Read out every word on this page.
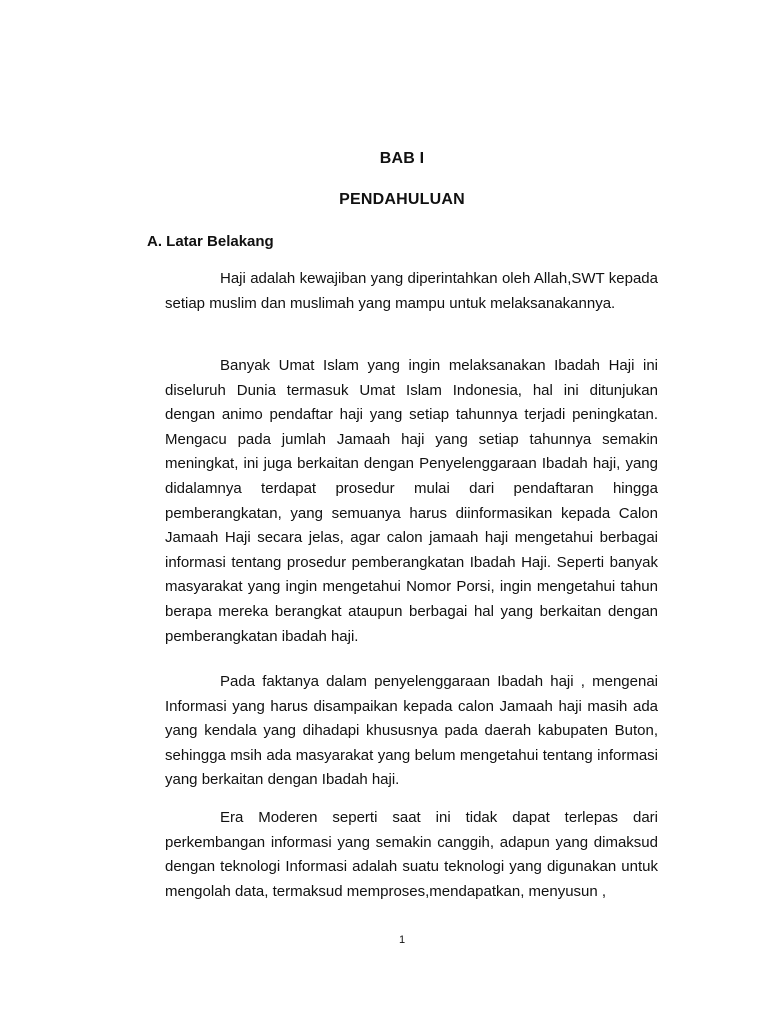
BAB I
PENDAHULUAN
A. Latar Belakang

Haji adalah kewajiban yang diperintahkan oleh Allah,SWT kepada setiap muslim dan muslimah yang mampu untuk melaksanakannya.

Banyak Umat Islam yang ingin melaksanakan Ibadah Haji ini diseluruh Dunia termasuk Umat Islam Indonesia, hal ini ditunjukan dengan animo pendaftar haji yang setiap tahunnya terjadi peningkatan. Mengacu pada jumlah Jamaah haji yang setiap tahunnya semakin meningkat, ini juga berkaitan dengan Penyelenggaraan Ibadah haji, yang didalamnya terdapat prosedur mulai dari pendaftaran hingga pemberangkatan, yang semuanya harus diinformasikan kepada Calon Jamaah Haji secara jelas, agar calon jamaah haji mengetahui berbagai informasi tentang prosedur pemberangkatan Ibadah Haji. Seperti banyak masyarakat yang ingin mengetahui Nomor Porsi, ingin mengetahui tahun berapa mereka berangkat ataupun berbagai hal yang berkaitan dengan pemberangkatan ibadah haji.

Pada faktanya dalam penyelenggaraan Ibadah haji , mengenai Informasi yang harus disampaikan kepada calon Jamaah haji masih ada yang kendala yang dihadapi khususnya pada daerah kabupaten Buton, sehingga msih ada masyarakat yang belum mengetahui tentang informasi yang berkaitan dengan Ibadah haji.

Era Moderen seperti saat ini tidak dapat terlepas dari perkembangan informasi yang semakin canggih, adapun yang dimaksud dengan teknologi Informasi adalah suatu teknologi yang digunakan untuk mengolah data, termaksud memproses,mendapatkan, menyusun ,

1
